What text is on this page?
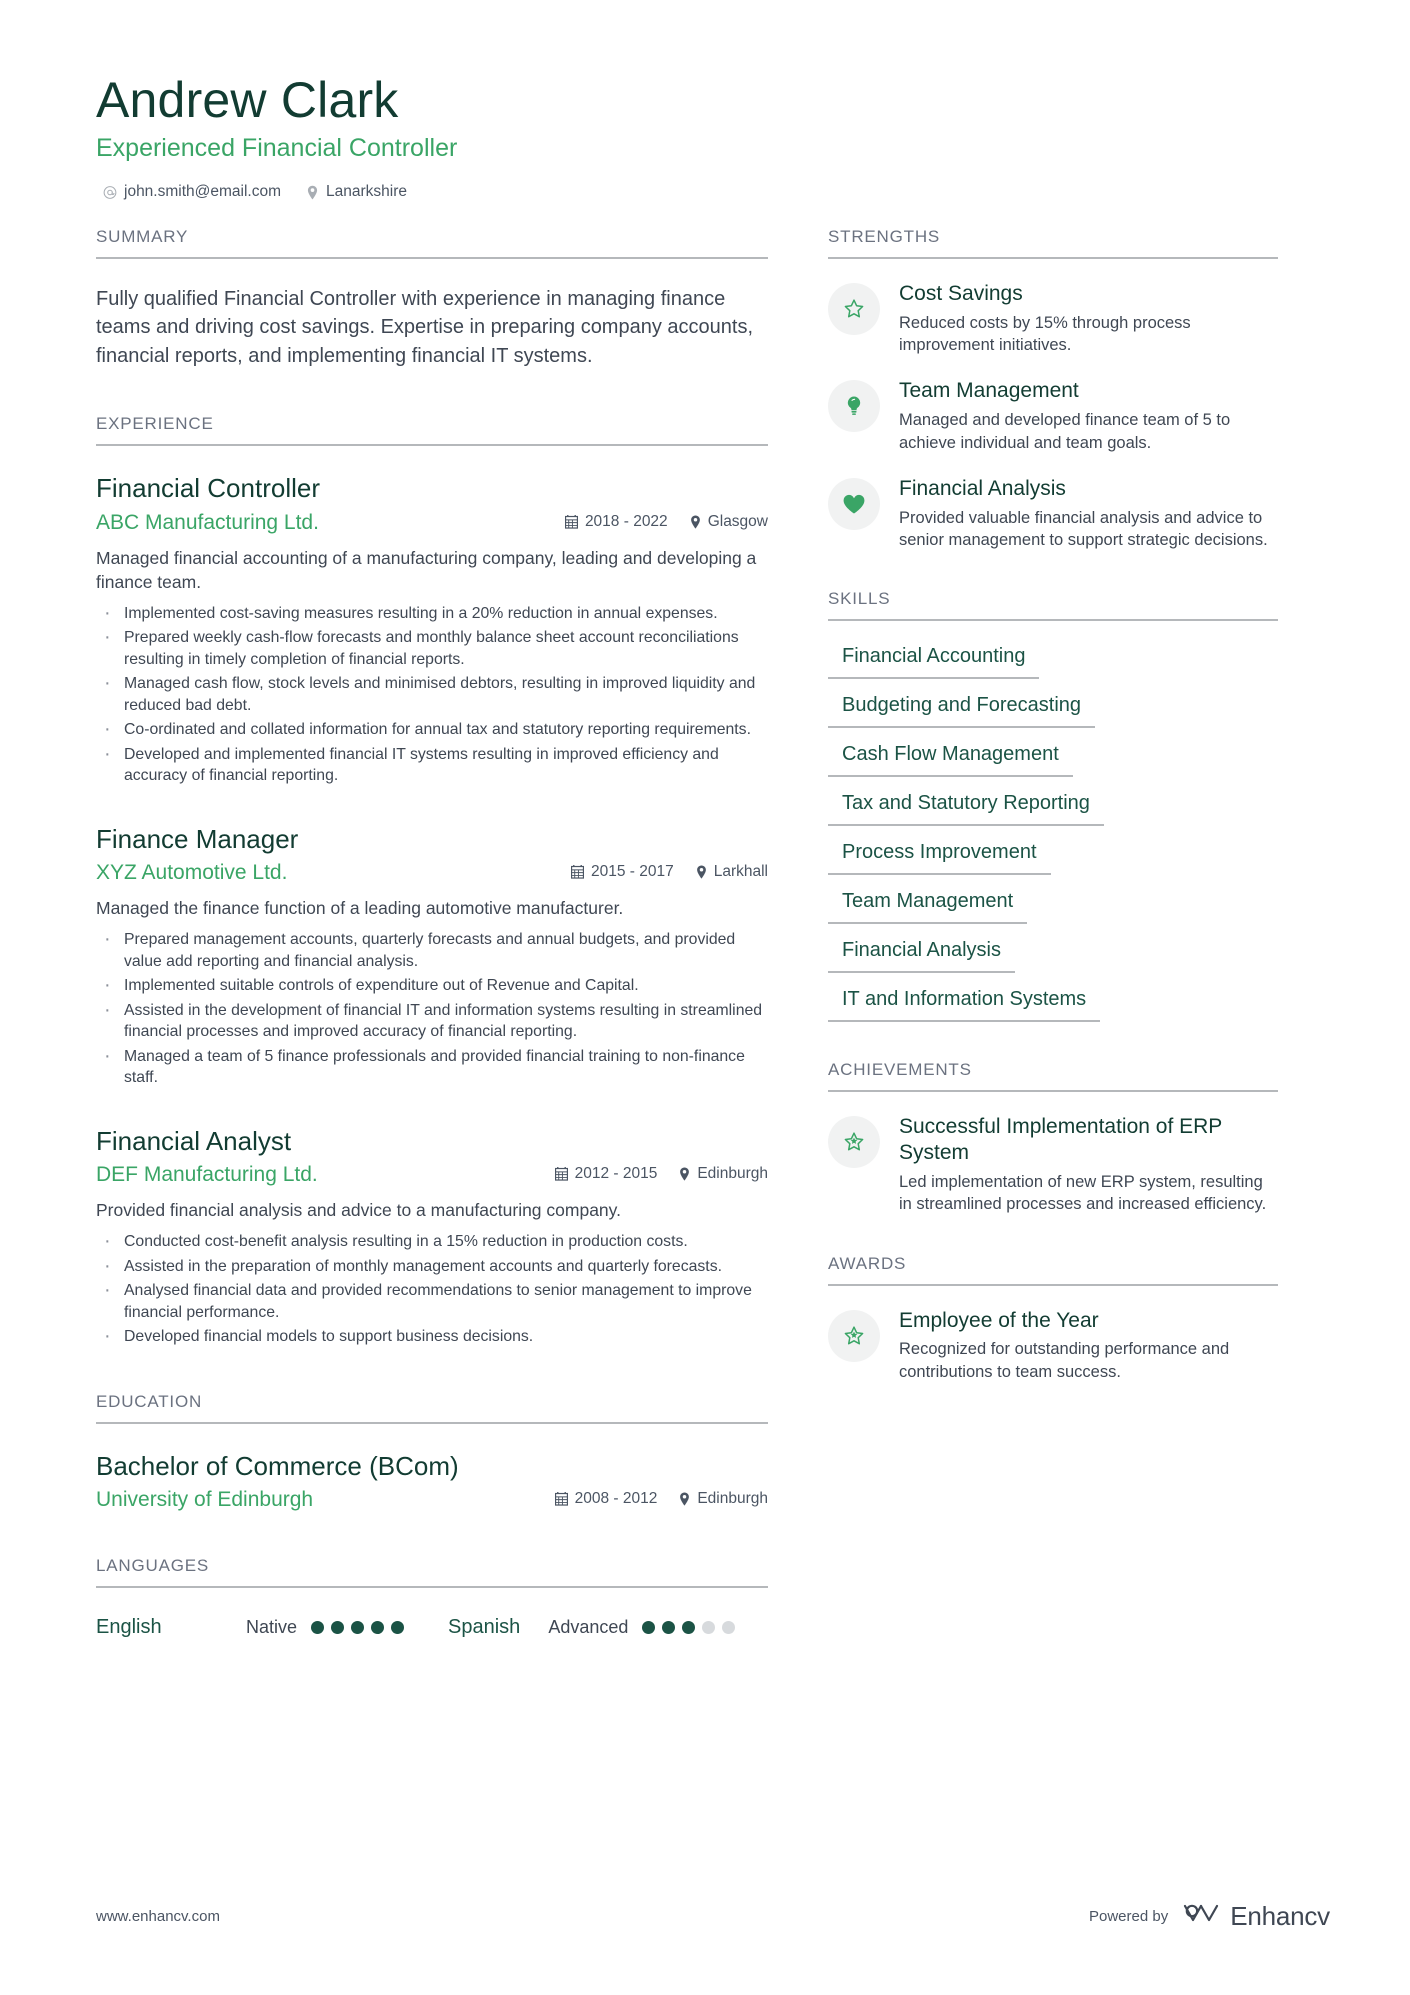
Andrew Clark
Experienced Financial Controller
john.smith@email.com	Lanarkshire
SUMMARY
Fully qualified Financial Controller with experience in managing finance teams and driving cost savings. Expertise in preparing company accounts, financial reports, and implementing financial IT systems.
EXPERIENCE
Financial Controller
ABC Manufacturing Ltd.	2018 - 2022	Glasgow
Managed financial accounting of a manufacturing company, leading and developing a finance team.
· Implemented cost-saving measures resulting in a 20% reduction in annual expenses.
· Prepared weekly cash-flow forecasts and monthly balance sheet account reconciliations resulting in timely completion of financial reports.
· Managed cash flow, stock levels and minimised debtors, resulting in improved liquidity and reduced bad debt.
· Co-ordinated and collated information for annual tax and statutory reporting requirements.
· Developed and implemented financial IT systems resulting in improved efficiency and accuracy of financial reporting.
Finance Manager
XYZ Automotive Ltd.	2015 - 2017	Larkhall
Managed the finance function of a leading automotive manufacturer.
· Prepared management accounts, quarterly forecasts and annual budgets, and provided value add reporting and financial analysis.
· Implemented suitable controls of expenditure out of Revenue and Capital.
· Assisted in the development of financial IT and information systems resulting in streamlined financial processes and improved accuracy of financial reporting.
· Managed a team of 5 finance professionals and provided financial training to non-finance staff.
Financial Analyst
DEF Manufacturing Ltd.	2012 - 2015	Edinburgh
Provided financial analysis and advice to a manufacturing company.
· Conducted cost-benefit analysis resulting in a 15% reduction in production costs.
· Assisted in the preparation of monthly management accounts and quarterly forecasts.
· Analysed financial data and provided recommendations to senior management to improve financial performance.
· Developed financial models to support business decisions.
EDUCATION
Bachelor of Commerce (BCom)
University of Edinburgh	2008 - 2012	Edinburgh
LANGUAGES
English	Native	Spanish Advanced
STRENGTHS
Cost Savings
Reduced costs by 15% through process improvement initiatives.
Team Management
Managed and developed finance team of 5 to achieve individual and team goals.
Financial Analysis
Provided valuable financial analysis and advice to senior management to support strategic decisions.
SKILLS
Financial Accounting
Budgeting and Forecasting
Cash Flow Management
Tax and Statutory Reporting
Process Improvement
Team Management
Financial Analysis
IT and Information Systems
ACHIEVEMENTS
Successful Implementation of ERP System
Led implementation of new ERP system, resulting in streamlined processes and increased efficiency.
AWARDS
Employee of the Year
Recognized for outstanding performance and contributions to team success.
www.enhancv.com	Powered by Enhancv
